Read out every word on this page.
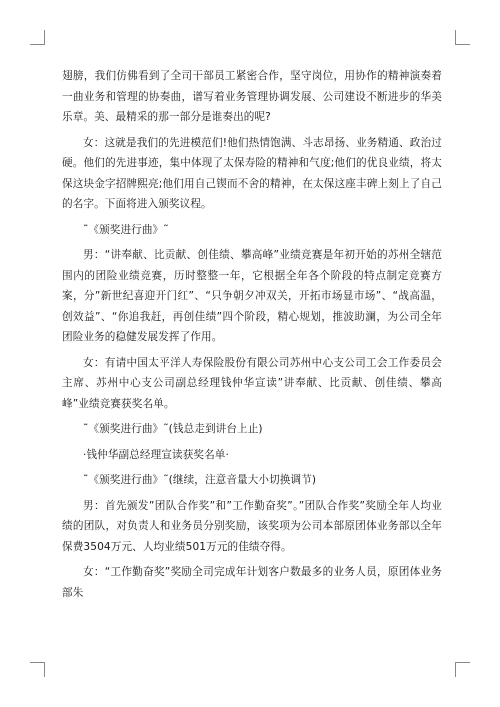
翅膀，我们仿佛看到了全司干部员工紧密合作，坚守岗位，用协作的精神演奏着一曲业务和管理的协奏曲，谱写着业务管理协调发展、公司建设不断进步的华美乐章。美、最精采的那一部分是谁奏出的呢?

女：这就是我们的先进模范们!他们热情饱满、斗志昂扬、业务精通、政治过硬。他们的先进事迹，集中体现了太保寿险的精神和气度;他们的优良业绩，将太保这块金字招牌熙亮;他们用自己锲而不舍的精神，在太保这座丰碑上刻上了自己的名字。下面将进入颁奖议程。

˜《颁奖进行曲》˜

男：“讲奉献、比贡献、创佳绩、攀高峰”业绩竞赛是年初开始的苏州全辖范围内的团险业绩竞赛，历时整整一年，它根据全年各个阶段的特点制定竞赛方案，分”新世纪喜迎开门红”、“只争朝夕冲双关，开拓市场显市场”、“战高温，创效益”、“你追我赶，再创佳绩”四个阶段，精心规划，推波助澜，为公司全年团险业务的稳健发展发挥了作用。

女：有请中国太平洋人寿保险股份有限公司苏州中心支公司工会工作委员会主席、苏州中心支公司副总经理钱仲华宣读”讲奉献、比贡献、创佳绩、攀高峰”业绩竞赛获奖名单。

˜《颁奖进行曲》˜(钱总走到讲台上止)

·钱仲华副总经理宣读获奖名单·

˜《颁奖进行曲》˜(继续，注意音量大小切换调节)

男：首先颁发”团队合作奖”和”工作勤奋奖”。”团队合作奖”奖励全年人均业绩的团队，对负责人和业务员分别奖励，该奖项为公司本部原团体业务部以全年保费3504万元、人均业绩501万元的佳绩夺得。

女：“工作勤奋奖”奖励全司完成年计划客户数最多的业务人员，原团体业务部朱
